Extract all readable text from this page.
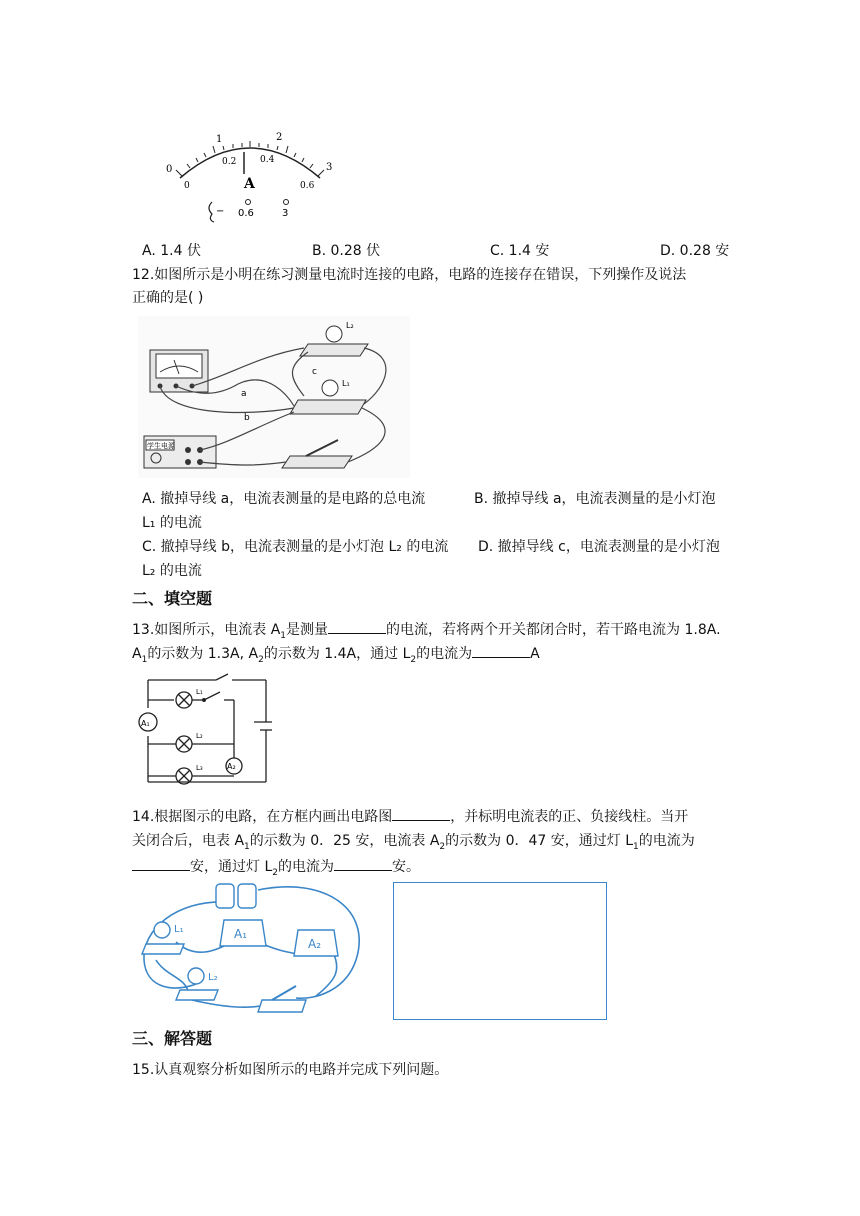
0
1	2
3
0
0.2	0.4
0.6
A
− 0.6	3
A. 1.4 伏	B. 0.28 伏	C. 1.4 安	D. 0.28 安
12.如图所示是小明在练习测量电流时连接的电路，电路的连接存在错误，下列操作及说法
正确的是( )
学生电源
L₂
L₁
a
b
c
A. 撤掉导线 a，电流表测量的是电路的总电流	B. 撤掉导线 a，电流表测量的是小灯泡
L₁ 的电流
C. 撤掉导线 b，电流表测量的是小灯泡 L₂ 的电流 D. 撤掉导线 c，电流表测量的是小灯泡
L₂ 的电流
二、填空题
13.如图所示，电流表 $A_1$是测量	的电流，若将两个开关都闭合时，若干路电流为 1.8A.
$A_1$的示数为 1.3A, $A_2$的示数为 1.4A，通过 $L_2$的电流为	A
A₁
A₂
L₁
L₂
L₃
14.根据图示的电路，在方框内画出电路图	，并标明电流表的正、负接线柱。当开
关闭合后，电表 $A_1$的示数为 0．25 安，电流表 $A_2$的示数为 0．47 安，通过灯 $L_1$的电流为
安，通过灯 $L_2$的电流为	安。
L₁	A₁
A₂
L₂
三、解答题
15.认真观察分析如图所示的电路并完成下列问题。
